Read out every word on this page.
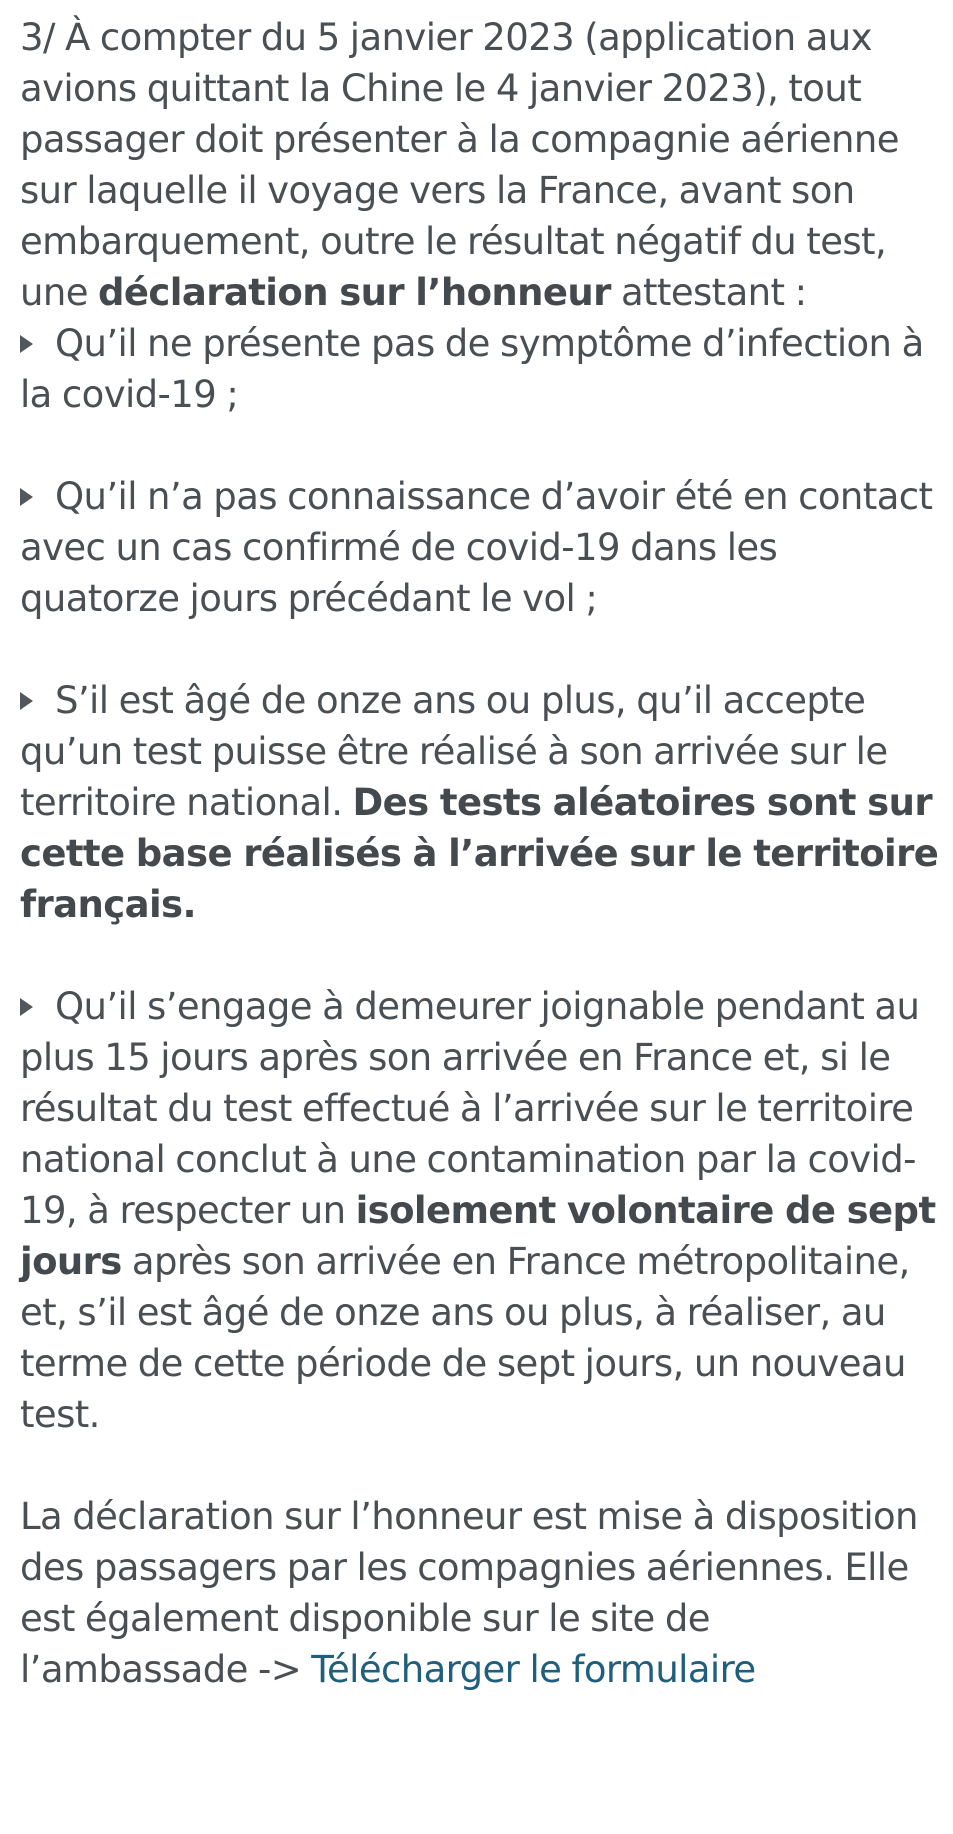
3/ À compter du 5 janvier 2023 (application aux avions quittant la Chine le 4 janvier 2023), tout passager doit présenter à la compagnie aérienne sur laquelle il voyage vers la France, avant son embarquement, outre le résultat négatif du test, une déclaration sur l’honneur attestant :

Qu’il ne présente pas de symptôme d’infection à la covid-19 ;

Qu’il n’a pas connaissance d’avoir été en contact avec un cas confirmé de covid-19 dans les quatorze jours précédant le vol ;

S’il est âgé de onze ans ou plus, qu’il accepte qu’un test puisse être réalisé à son arrivée sur le territoire national. Des tests aléatoires sont sur cette base réalisés à l’arrivée sur le territoire français.

Qu’il s’engage à demeurer joignable pendant au plus 15 jours après son arrivée en France et, si le résultat du test effectué à l’arrivée sur le territoire national conclut à une contamination par la covid-19, à respecter un isolement volontaire de sept jours après son arrivée en France métropolitaine, et, s’il est âgé de onze ans ou plus, à réaliser, au terme de cette période de sept jours, un nouveau test.

La déclaration sur l’honneur est mise à disposition des passagers par les compagnies aériennes. Elle est également disponible sur le site de l’ambassade -> Télécharger le formulaire
